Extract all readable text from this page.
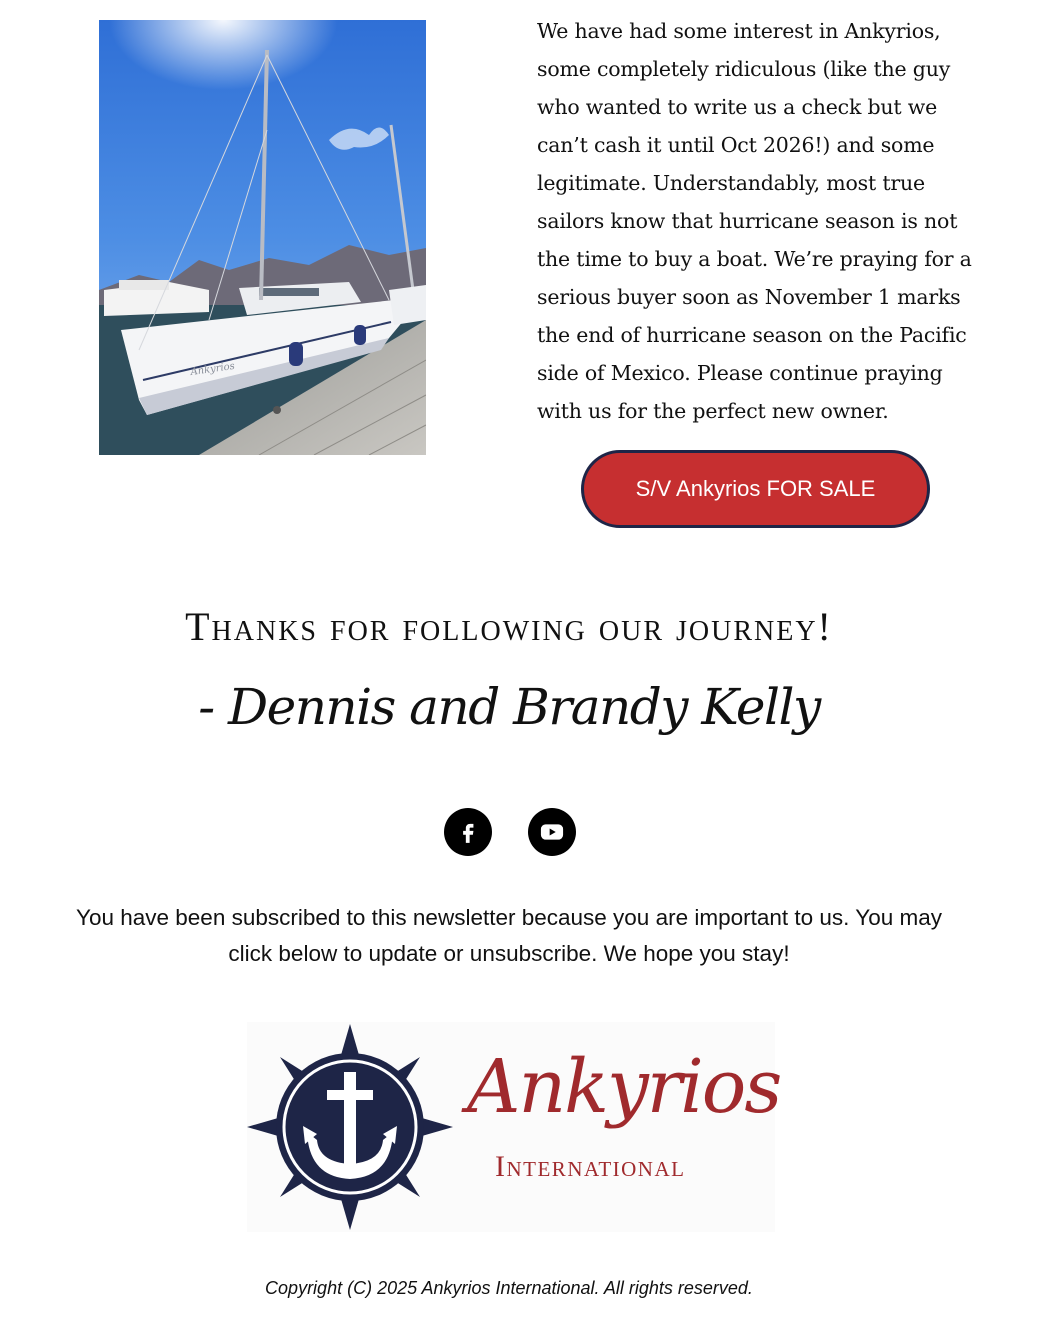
Ankyrios
We have had some interest in Ankyrios,
some completely ridiculous (like the guy
who wanted to write us a check but we
can’t cash it until Oct 2026!) and some
legitimate. Understandably, most true
sailors know that hurricane season is not
the time to buy a boat. We’re praying for a
serious buyer soon as November 1 marks
the end of hurricane season on the Pacific
side of Mexico. Please continue praying
with us for the perfect new owner.
S/V Ankyrios FOR SALE
Thanks for following our journey!
- Dennis and Brandy Kelly
You have been subscribed to this newsletter because you are important to us. You may click below to update or unsubscribe. We hope you stay!
Ankyrios
International
Copyright (C) 2025 Ankyrios International. All rights reserved.
